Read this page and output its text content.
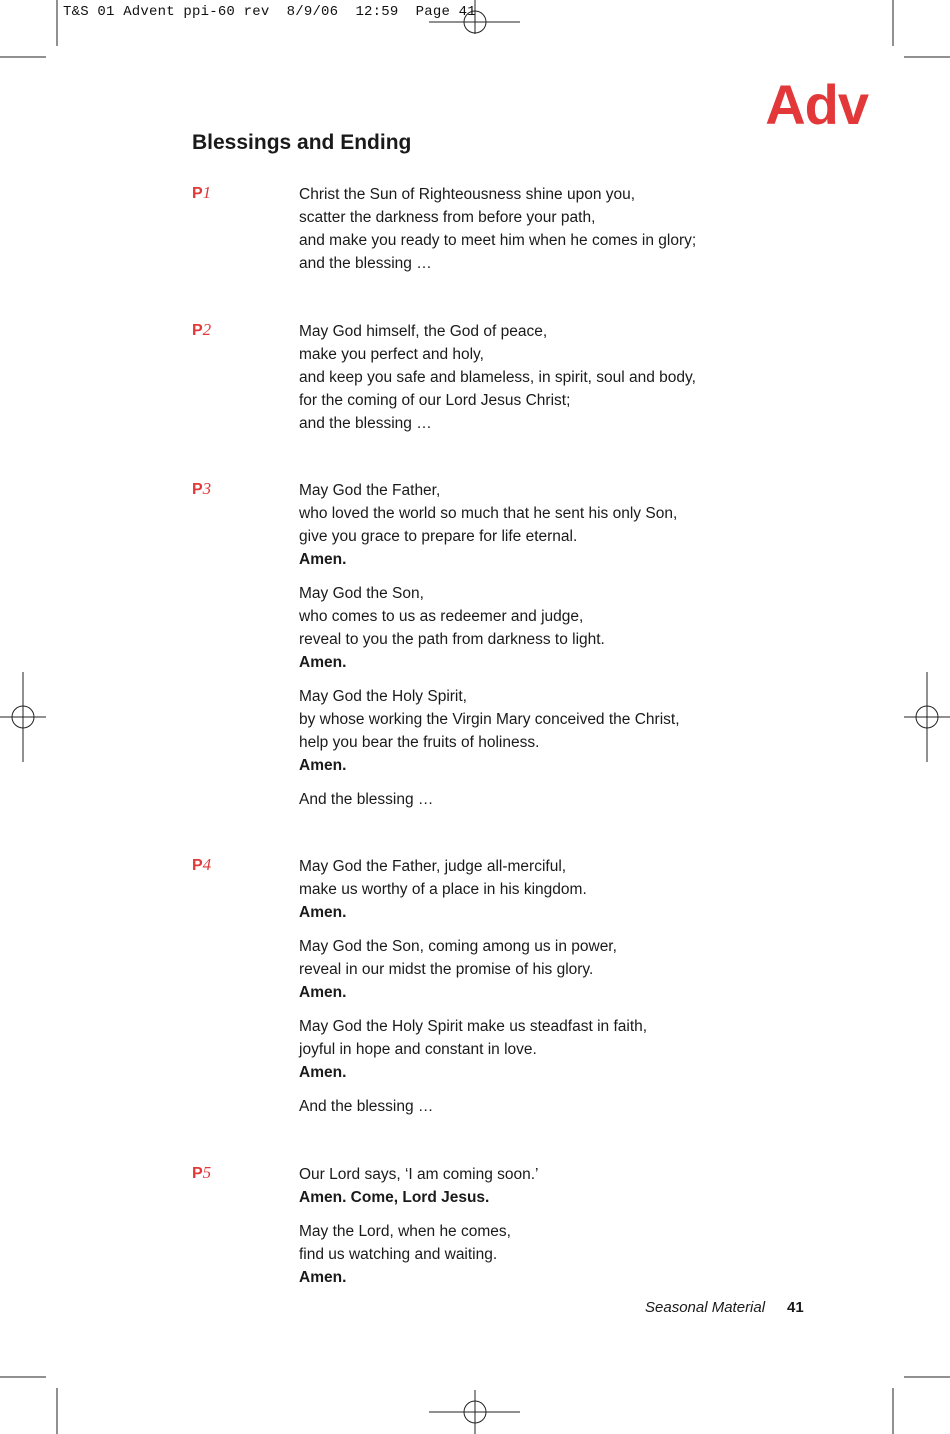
T&S 01 Advent ppi-60 rev  8/9/06  12:59  Page 41
Adv
Blessings and Ending
P1	Christ the Sun of Righteousness shine upon you,
scatter the darkness from before your path,
and make you ready to meet him when he comes in glory;
and the blessing …
P2	May God himself, the God of peace,
make you perfect and holy,
and keep you safe and blameless, in spirit, soul and body,
for the coming of our Lord Jesus Christ;
and the blessing …
P3	May God the Father,
who loved the world so much that he sent his only Son,
give you grace to prepare for life eternal.
Amen.
May God the Son,
who comes to us as redeemer and judge,
reveal to you the path from darkness to light.
Amen.
May God the Holy Spirit,
by whose working the Virgin Mary conceived the Christ,
help you bear the fruits of holiness.
Amen.
And the blessing …
P4	May God the Father, judge all-merciful,
make us worthy of a place in his kingdom.
Amen.
May God the Son, coming among us in power,
reveal in our midst the promise of his glory.
Amen.
May God the Holy Spirit make us steadfast in faith,
joyful in hope and constant in love.
Amen.
And the blessing …
P5	Our Lord says, ‘I am coming soon.’
Amen. Come, Lord Jesus.
May the Lord, when he comes,
find us watching and waiting.
Amen.
Seasonal Material 41
